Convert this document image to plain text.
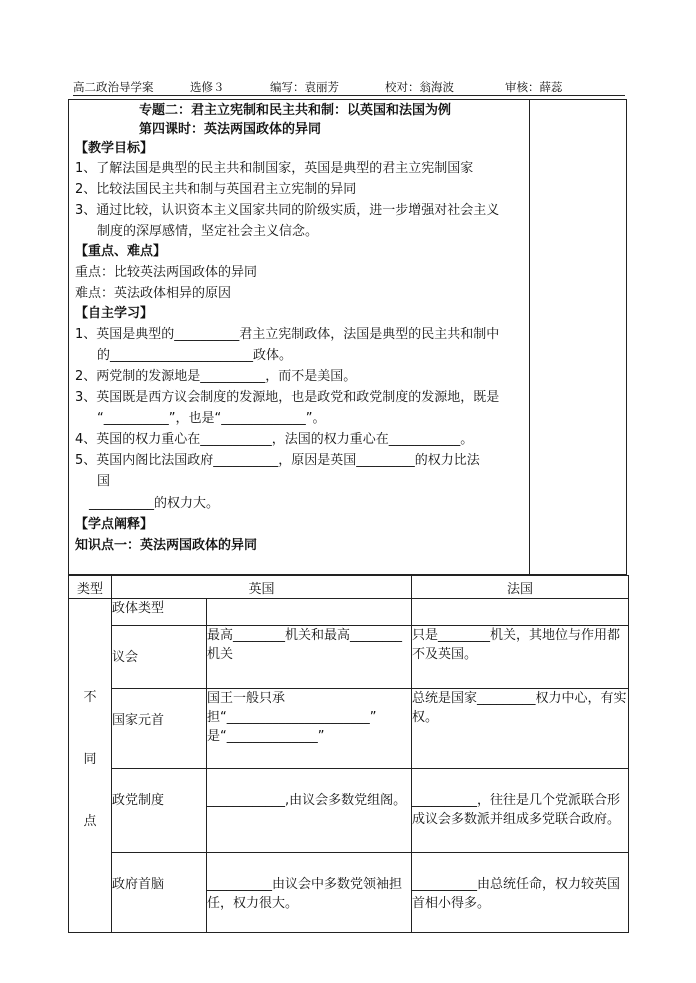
高二政治导学案	选修３	编写：袁丽芳	校对：翁海波	审核：薛蕊
专题二：君主立宪制和民主共和制：以英国和法国为例
第四课时：英法两国政体的异同
【教学目标】
1、了解法国是典型的民主共和制国家，英国是典型的君主立宪制国家
2、比较法国民主共和制与英国君主立宪制的异同
3、通过比较，认识资本主义国家共同的阶级实质，进一步增强对社会主义
制度的深厚感情，坚定社会主义信念。
【重点、难点】
重点：比较英法两国政体的异同
难点：英法政体相异的原因
【自主学习】
1、英国是典型的__________君主立宪制政体，法国是典型的民主共和制中
的______________________政体。
2、两党制的发源地是__________，而不是美国。
3、英国既是西方议会制度的发源地，也是政党和政党制度的发源地，既是
“__________”，也是“_____________”。
4、英国的权力重心在___________，法国的权力重心在___________。
5、英国内阁比法国政府__________，原因是英国_________的权力比法
国
__________的权力大。
【学点阐释】
知识点一：英法两国政体的异同
类型	英国		法国

不
同
点	政体类型		
	议会	最高________机关和最高________机关	只是________机关，其地位与作用都不及英国。
	国家元首	国王一般只承担“______________________” 是“______________”	总统是国家_________权力中心，有实权。
	政党制度	____________,由议会多数党组阁。	__________，往往是几个党派联合形成议会多数派并组成多党联合政府。
	政府首脑	__________由议会中多数党领袖担任，权力很大。	__________由总统任命，权力较英国首相小得多。
